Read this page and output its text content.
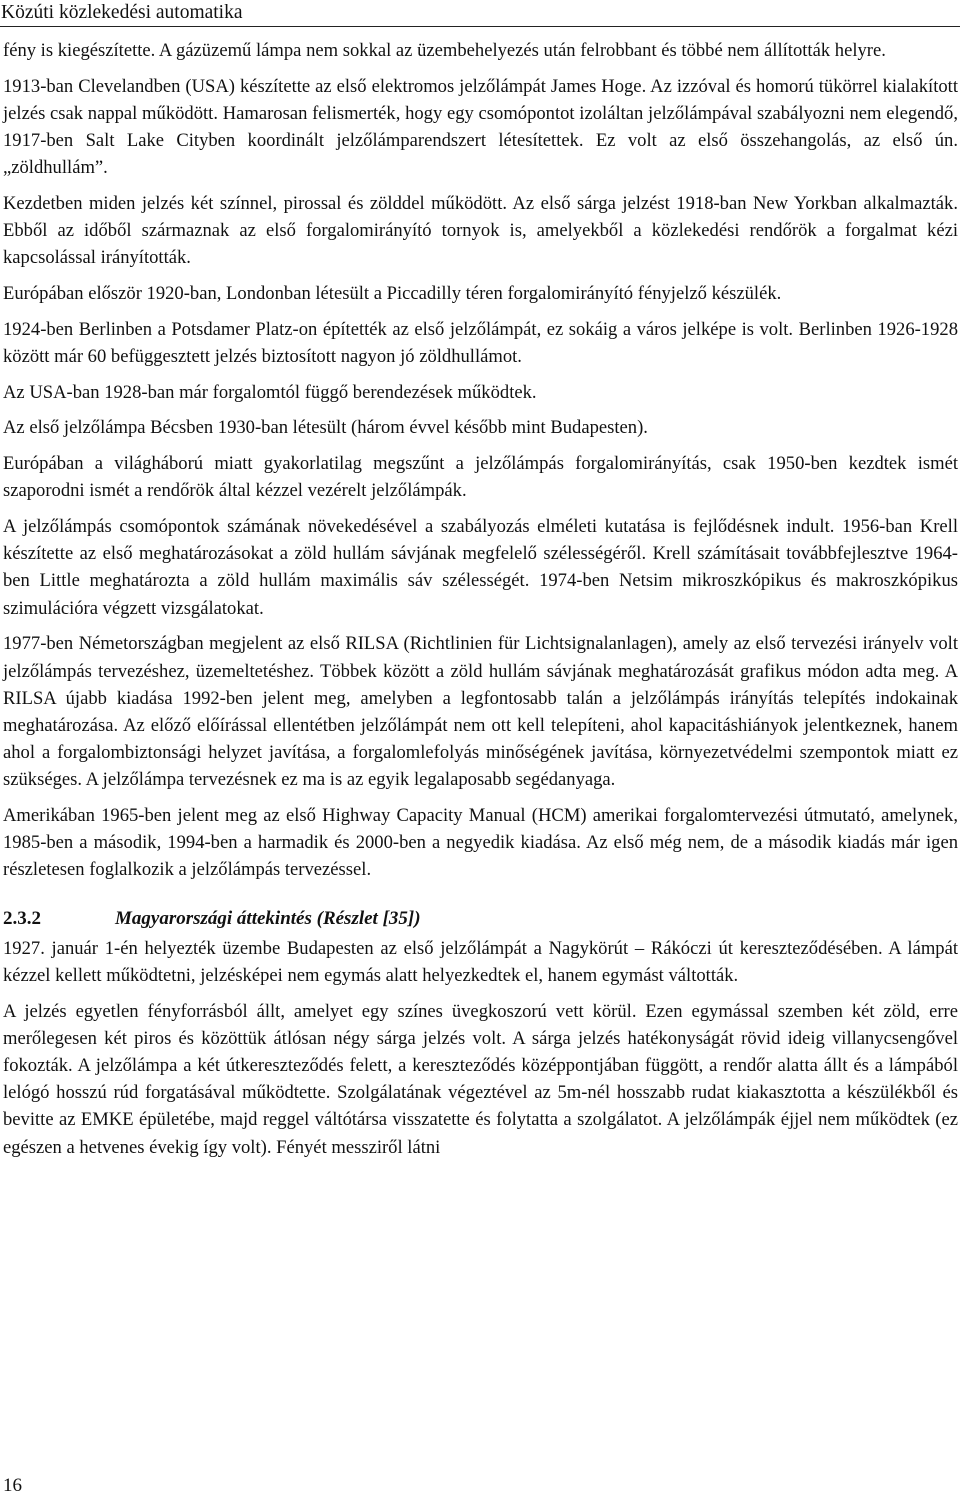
Közúti közlekedési automatika

fény is kiegészítette. A gázüzemű lámpa nem sokkal az üzembehelyezés után felrobbant és többé nem állították helyre.

1913-ban Clevelandben (USA) készítette az első elektromos jelzőlámpát James Hoge. Az izzóval és homorú tükörrel kialakított jelzés csak nappal működött. Hamarosan felismerték, hogy egy csomópontot izoláltan jelzőlámpával szabályozni nem elegendő, 1917-ben Salt Lake Cityben koordinált jelzőlámparendszert létesítettek. Ez volt az első összehangolás, az első ún. „zöldhullám”.

Kezdetben miden jelzés két színnel, pirossal és zölddel működött. Az első sárga jelzést 1918-ban New Yorkban alkalmazták. Ebből az időből származnak az első forgalomirányító tornyok is, amelyekből a közlekedési rendőrök a forgalmat kézi kapcsolással irányították.

Európában először 1920-ban, Londonban létesült a Piccadilly téren forgalomirányító fényjelző készülék.

1924-ben Berlinben a Potsdamer Platz-on építették az első jelzőlámpát, ez sokáig a város jelképe is volt. Berlinben 1926-1928 között már 60 befüggesztett jelzés biztosított nagyon jó zöldhullámot.

Az USA-ban 1928-ban már forgalomtól függő berendezések működtek.

Az első jelzőlámpa Bécsben 1930-ban létesült (három évvel később mint Budapesten).

Európában a világháború miatt gyakorlatilag megszűnt a jelzőlámpás forgalomirányítás, csak 1950-ben kezdtek ismét szaporodni ismét a rendőrök által kézzel vezérelt jelzőlámpák.

A jelzőlámpás csomópontok számának növekedésével a szabályozás elméleti kutatása is fejlődésnek indult. 1956-ban Krell készítette az első meghatározásokat a zöld hullám sávjának megfelelő szélességéről. Krell számításait továbbfejlesztve 1964-ben Little meghatározta a zöld hullám maximális sáv szélességét. 1974-ben Netsim mikroszkópikus és makroszkópikus szimulációra végzett vizsgálatokat.

1977-ben Németországban megjelent az első RILSA (Richtlinien für Lichtsignalanlagen), amely az első tervezési irányelv volt jelzőlámpás tervezéshez, üzemeltetéshez. Többek között a zöld hullám sávjának meghatározását grafikus módon adta meg. A RILSA újabb kiadása 1992-ben jelent meg, amelyben a legfontosabb talán a jelzőlámpás irányítás telepítés indokainak meghatározása. Az előző előírással ellentétben jelzőlámpát nem ott kell telepíteni, ahol kapacitáshiányok jelentkeznek, hanem ahol a forgalombiztonsági helyzet javítása, a forgalomlefolyás minőségének javítása, környezetvédelmi szempontok miatt ez szükséges. A jelzőlámpa tervezésnek ez ma is az egyik legalaposabb segédanyaga.

Amerikában 1965-ben jelent meg az első Highway Capacity Manual (HCM) amerikai forgalomtervezési útmutató, amelynek, 1985-ben a második, 1994-ben a harmadik és 2000-ben a negyedik kiadása. Az első még nem, de a második kiadás már igen részletesen foglalkozik a jelzőlámpás tervezéssel.

2.3.2	Magyarországi áttekintés (Részlet [35])

1927. január 1-én helyezték üzembe Budapesten az első jelzőlámpát a Nagykörút – Rákóczi út kereszteződésében. A lámpát kézzel kellett működtetni, jelzésképei nem egymás alatt helyezkedtek el, hanem egymást váltották.

A jelzés egyetlen fényforrásból állt, amelyet egy színes üvegkoszorú vett körül. Ezen egymással szemben két zöld, erre merőlegesen két piros és közöttük átlósan négy sárga jelzés volt. A sárga jelzés hatékonyságát rövid ideig villanycsengővel fokozták. A jelzőlámpa a két útkereszteződés felett, a kereszteződés középpontjában függött, a rendőr alatta állt és a lámpából lelógó hosszú rúd forgatásával működtette. Szolgálatának végeztével az 5m-nél hosszabb rudat kiakasztotta a készülékből és bevitte az EMKE épületébe, majd reggel váltótársa visszatette és folytatta a szolgálatot. A jelzőlámpák éjjel nem működtek (ez egészen a hetvenes évekig így volt). Fényét messziről látni

16
